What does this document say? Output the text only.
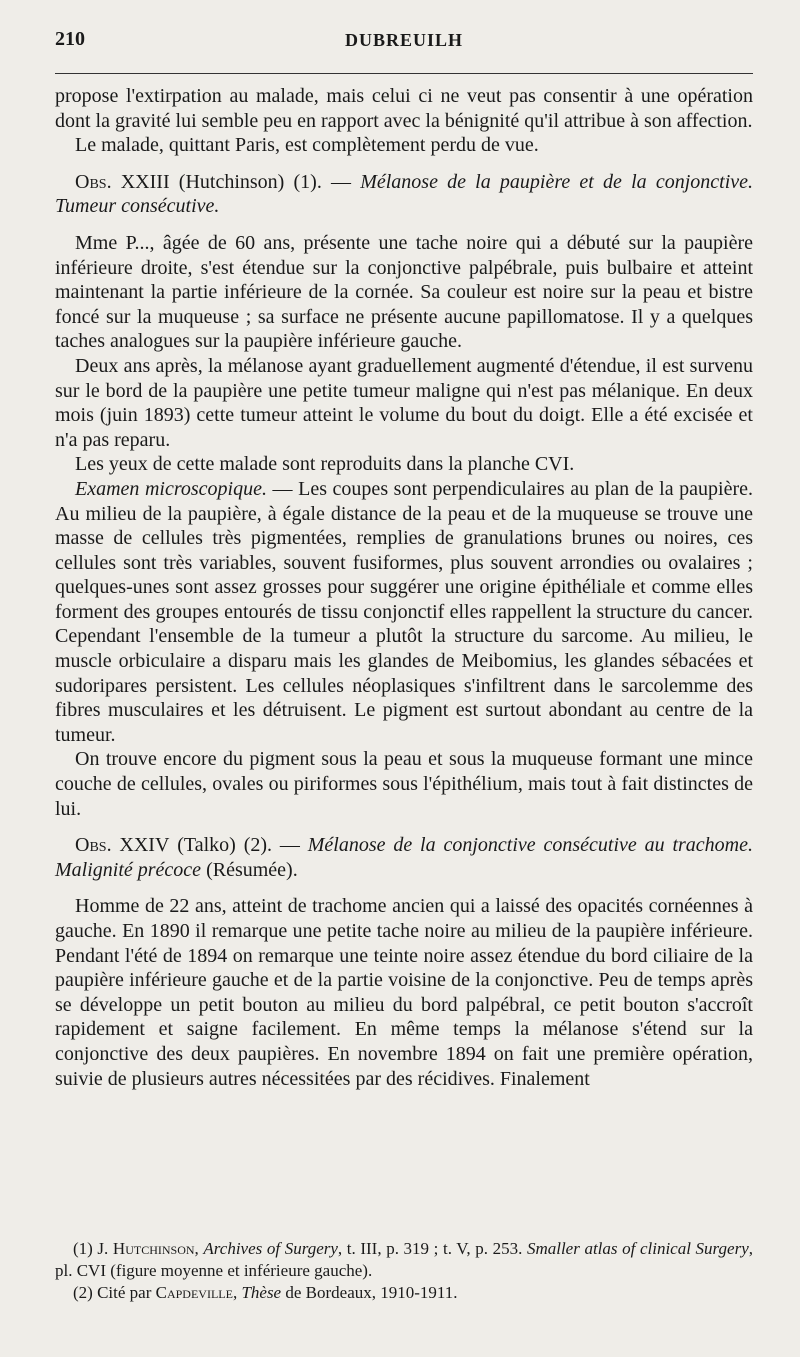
210	DUBREUILH

propose l'extirpation au malade, mais celui ci ne veut pas consentir à une opération dont la gravité lui semble peu en rapport avec la bénignité qu'il attribue à son affection.

Le malade, quittant Paris, est complètement perdu de vue.

Obs. XXIII (Hutchinson) (1). — Mélanose de la paupière et de la conjonctive. Tumeur consécutive.

Mme P..., âgée de 60 ans, présente une tache noire qui a débuté sur la paupière inférieure droite, s'est étendue sur la conjonctive palpébrale, puis bulbaire et atteint maintenant la partie inférieure de la cornée. Sa couleur est noire sur la peau et bistre foncé sur la muqueuse ; sa surface ne présente aucune papillomatose. Il y a quelques taches analogues sur la paupière inférieure gauche.

Deux ans après, la mélanose ayant graduellement augmenté d'étendue, il est survenu sur le bord de la paupière une petite tumeur maligne qui n'est pas mélanique. En deux mois (juin 1893) cette tumeur atteint le volume du bout du doigt. Elle a été excisée et n'a pas reparu.

Les yeux de cette malade sont reproduits dans la planche CVI.

Examen microscopique. — Les coupes sont perpendiculaires au plan de la paupière. Au milieu de la paupière, à égale distance de la peau et de la muqueuse se trouve une masse de cellules très pigmentées, remplies de granulations brunes ou noires, ces cellules sont très variables, souvent fusiformes, plus souvent arrondies ou ovalaires ; quelques-unes sont assez grosses pour suggérer une origine épithéliale et comme elles forment des groupes entourés de tissu conjonctif elles rappellent la structure du cancer. Cependant l'ensemble de la tumeur a plutôt la structure du sarcome. Au milieu, le muscle orbiculaire a disparu mais les glandes de Meibomius, les glandes sébacées et sudoripares persistent. Les cellules néoplasiques s'infiltrent dans le sarcolemme des fibres musculaires et les détruisent. Le pigment est surtout abondant au centre de la tumeur.

On trouve encore du pigment sous la peau et sous la muqueuse formant une mince couche de cellules, ovales ou piriformes sous l'épithélium, mais tout à fait distinctes de lui.

Obs. XXIV (Talko) (2). — Mélanose de la conjonctive consécutive au trachome. Malignité précoce (Résumée).

Homme de 22 ans, atteint de trachome ancien qui a laissé des opacités cornéennes à gauche. En 1890 il remarque une petite tache noire au milieu de la paupière inférieure. Pendant l'été de 1894 on remarque une teinte noire assez étendue du bord ciliaire de la paupière inférieure gauche et de la partie voisine de la conjonctive. Peu de temps après se développe un petit bouton au milieu du bord palpébral, ce petit bouton s'accroît rapidement et saigne facilement. En même temps la mélanose s'étend sur la conjonctive des deux paupières. En novembre 1894 on fait une première opération, suivie de plusieurs autres nécessitées par des récidives. Finalement

(1) J. Hutchinson, Archives of Surgery, t. III, p. 319 ; t. V, p. 253. Smaller atlas of clinical Surgery, pl. CVI (figure moyenne et inférieure gauche).

(2) Cité par Capdeville, Thèse de Bordeaux, 1910-1911.
